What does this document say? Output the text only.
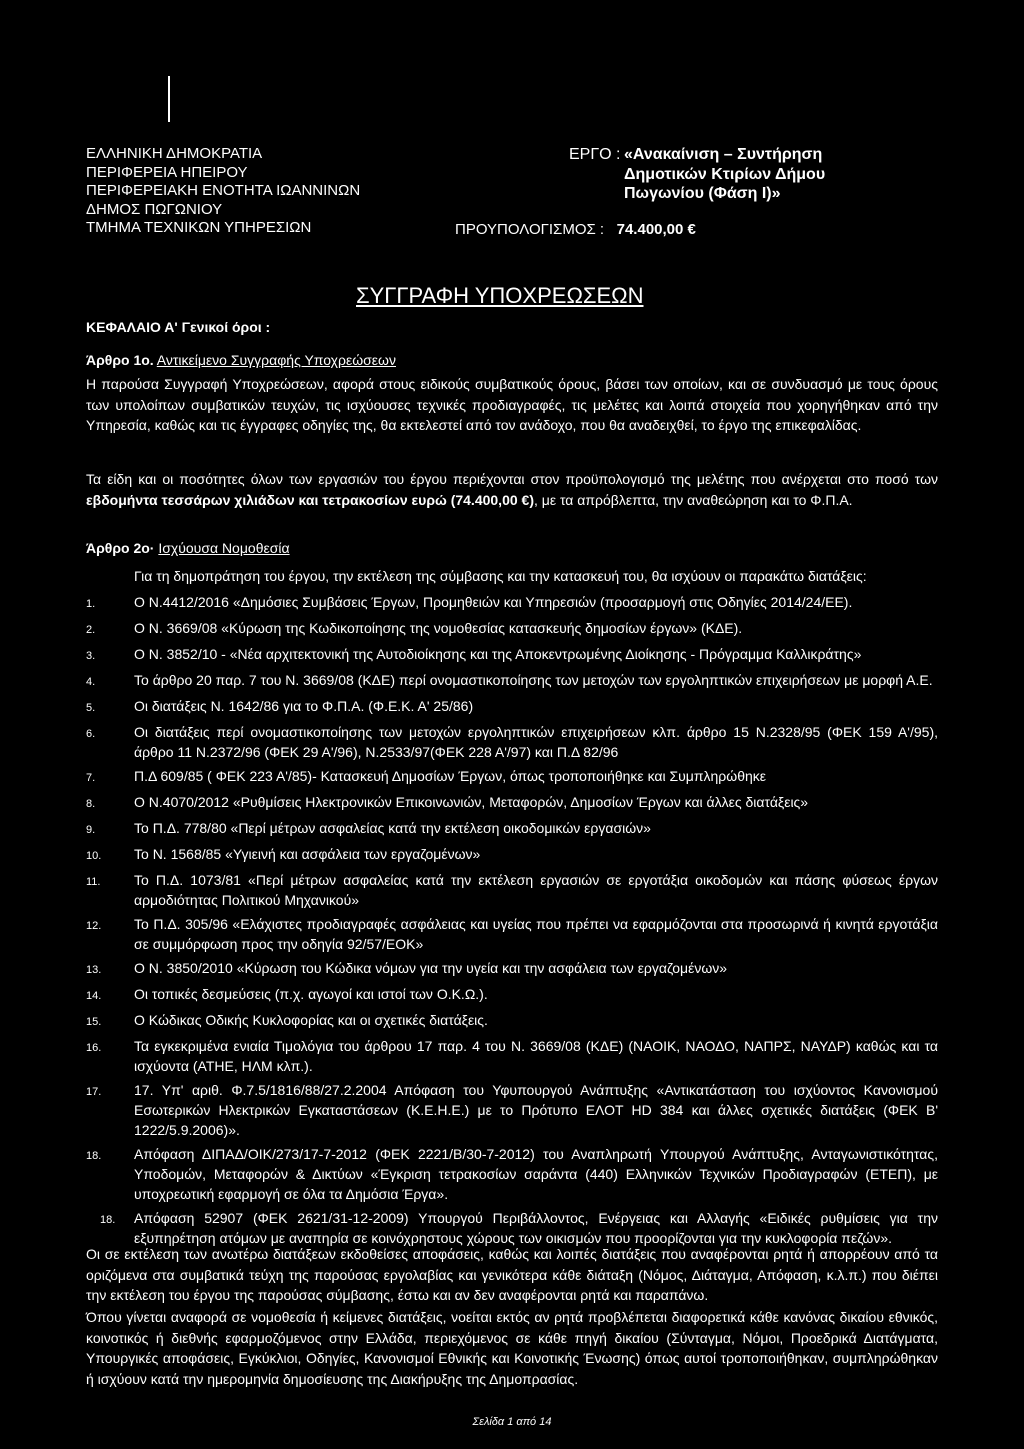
ΕΛΛΗΝΙΚΗ ΔΗΜΟΚΡΑΤΙΑ
ΠΕΡΙΦΕΡΕΙΑ ΗΠΕΙΡΟΥ
ΠΕΡΙΦΕΡΕΙΑΚΗ ΕΝΟΤΗΤΑ ΙΩΑΝΝΙΝΩΝ
ΔΗΜΟΣ ΠΩΓΩΝΙΟΥ
ΤΜΗΜΑ ΤΕΧΝΙΚΩΝ ΥΠΗΡΕΣΙΩΝ
ΕΡΓΟ : «Ανακαίνιση – Συντήρηση
Δημοτικών Κτιρίων Δήμου
Πωγωνίου (Φάση Ι)»
ΠΡΟΥΠΟΛΟΓΙΣΜΟΣ : 74.400,00 €
ΣΥΓΓΡΑΦΗ ΥΠΟΧΡΕΩΣΕΩΝ
ΚΕΦΑΛΑΙΟ Α' Γενικοί όροι :
Άρθρο 1ο. Αντικείμενο Συγγραφής Υποχρεώσεων
Η παρούσα Συγγραφή Υποχρεώσεων, αφορά στους ειδικούς συμβατικούς όρους, βάσει των οποίων, και σε συνδυασμό με τους όρους των υπολοίπων συμβατικών τευχών, τις ισχύουσες τεχνικές προδιαγραφές, τις μελέτες και λοιπά στοιχεία που χορηγήθηκαν από την Υπηρεσία, καθώς και τις έγγραφες οδηγίες της, θα εκτελεστεί από τον ανάδοχο, που θα αναδειχθεί, το έργο της επικεφαλίδας.
Τα είδη και οι ποσότητες όλων των εργασιών του έργου περιέχονται στον προϋπολογισμό της μελέτης που ανέρχεται στο ποσό των εβδομήντα τεσσάρων χιλιάδων και τετρακοσίων ευρώ (74.400,00 €), με τα απρόβλεπτα, την αναθεώρηση και το Φ.Π.Α.
Άρθρο 2ο· Ισχύουσα Νομοθεσία
Για τη δημοπράτηση του έργου, την εκτέλεση της σύμβασης και την κατασκευή του, θα ισχύουν οι παρακάτω διατάξεις:
1.	Ο Ν.4412/2016 «Δημόσιες Συμβάσεις Έργων, Προμηθειών και Υπηρεσιών (προσαρμογή στις Οδηγίες 2014/24/ΕΕ).
2.	Ο Ν. 3669/08 «Κύρωση της Κωδικοποίησης της νομοθεσίας κατασκευής δημοσίων έργων» (ΚΔΕ).
3.	Ο Ν. 3852/10 - «Νέα αρχιτεκτονική της Αυτοδιοίκησης και της Αποκεντρωμένης Διοίκησης - Πρόγραμμα Καλλικράτης»
4.	Το άρθρο 20 παρ. 7 του Ν. 3669/08 (ΚΔΕ) περί ονομαστικοποίησης των μετοχών των εργοληπτικών επιχειρήσεων με μορφή Α.Ε.
5.	Οι διατάξεις Ν. 1642/86 για το Φ.Π.Α. (Φ.Ε.Κ. Α' 25/86)
6.	Οι διατάξεις περί ονομαστικοποίησης των μετοχών εργοληπτικών επιχειρήσεων κλπ. άρθρο 15 Ν.2328/95 (ΦΕΚ 159 Α'/95), άρθρο 11 Ν.2372/96 (ΦΕΚ 29 Α'/96), Ν.2533/97(ΦΕΚ 228 Α'/97) και Π.Δ 82/96
7.	Π.Δ 609/85 ( ΦΕΚ 223 Α'/85)- Κατασκευή Δημοσίων Έργων, όπως τροποποιήθηκε και Συμπληρώθηκε
8.	Ο Ν.4070/2012 «Ρυθμίσεις Ηλεκτρονικών Επικοινωνιών, Μεταφορών, Δημοσίων Έργων και άλλες διατάξεις»
9.	Το Π.Δ. 778/80 «Περί μέτρων ασφαλείας κατά την εκτέλεση οικοδομικών εργασιών»
10.	Το Ν. 1568/85 «Υγιεινή και ασφάλεια των εργαζομένων»
11.	Το Π.Δ. 1073/81 «Περί μέτρων ασφαλείας κατά την εκτέλεση εργασιών σε εργοτάξια οικοδομών και πάσης φύσεως έργων αρμοδιότητας Πολιτικού Μηχανικού»
12.	Το Π.Δ. 305/96 «Ελάχιστες προδιαγραφές ασφάλειας και υγείας που πρέπει να εφαρμόζονται στα προσωρινά ή κινητά εργοτάξια σε συμμόρφωση προς την οδηγία 92/57/ΕΟΚ»
13.	Ο Ν. 3850/2010 «Κύρωση του Κώδικα νόμων για την υγεία και την ασφάλεια των εργαζομένων»
14.	Οι τοπικές δεσμεύσεις (π.χ. αγωγοί και ιστοί των Ο.Κ.Ω.).
15.	Ο Κώδικας Οδικής Κυκλοφορίας και οι σχετικές διατάξεις.
16.	Τα εγκεκριμένα ενιαία Τιμολόγια του άρθρου 17 παρ. 4 του Ν. 3669/08 (ΚΔΕ) (ΝΑΟΙΚ, ΝΑΟΔΟ, ΝΑΠΡΣ, ΝΑΥΔΡ) καθώς και τα ισχύοντα (ΑΤΗΕ, ΗΛΜ κλπ.).
17.	17. Υπ' αριθ. Φ.7.5/1816/88/27.2.2004 Απόφαση του Υφυπουργού Ανάπτυξης «Αντικατάσταση του ισχύοντος Κανονισμού Εσωτερικών Ηλεκτρικών Εγκαταστάσεων (Κ.Ε.Η.Ε.) με το Πρότυπο ΕΛΟΤ HD 384 και άλλες σχετικές διατάξεις (ΦΕΚ Β' 1222/5.9.2006)».
18.	Απόφαση ΔΙΠΑΔ/ΟΙΚ/273/17-7-2012 (ΦΕΚ 2221/Β/30-7-2012) του Αναπληρωτή Υπουργού Ανάπτυξης, Ανταγωνιστικότητας, Υποδομών, Μεταφορών & Δικτύων «Έγκριση τετρακοσίων σαράντα (440) Ελληνικών Τεχνικών Προδιαγραφών (ΕΤΕΠ), με υποχρεωτική εφαρμογή σε όλα τα Δημόσια Έργα».
18.	Απόφαση 52907 (ΦΕΚ 2621/31-12-2009) Υπουργού Περιβάλλοντος, Ενέργειας και Αλλαγής «Ειδικές ρυθμίσεις για την εξυπηρέτηση ατόμων με αναπηρία σε κοινόχρηστους χώρους των οικισμών που προορίζονται για την κυκλοφορία πεζών».
Οι σε εκτέλεση των ανωτέρω διατάξεων εκδοθείσες αποφάσεις, καθώς και λοιπές διατάξεις που αναφέρονται ρητά ή απορρέουν από τα οριζόμενα στα συμβατικά τεύχη της παρούσας εργολαβίας και γενικότερα κάθε διάταξη (Νόμος, Διάταγμα, Απόφαση, κ.λ.π.) που διέπει την εκτέλεση του έργου της παρούσας σύμβασης, έστω και αν δεν αναφέρονται ρητά και παραπάνω.
Όπου γίνεται αναφορά σε νομοθεσία ή κείμενες διατάξεις, νοείται εκτός αν ρητά προβλέπεται διαφορετικά κάθε κανόνας δικαίου εθνικός, κοινοτικός ή διεθνής εφαρμοζόμενος στην Ελλάδα, περιεχόμενος σε κάθε πηγή δικαίου (Σύνταγμα, Νόμοι, Προεδρικά Διατάγματα, Υπουργικές αποφάσεις, Εγκύκλιοι, Οδηγίες, Κανονισμοί Εθνικής και Κοινοτικής Ένωσης) όπως αυτοί τροποποιήθηκαν, συμπληρώθηκαν ή ισχύουν κατά την ημερομηνία δημοσίευσης της Διακήρυξης της Δημοπρασίας.
Σελίδα 1 από 14
